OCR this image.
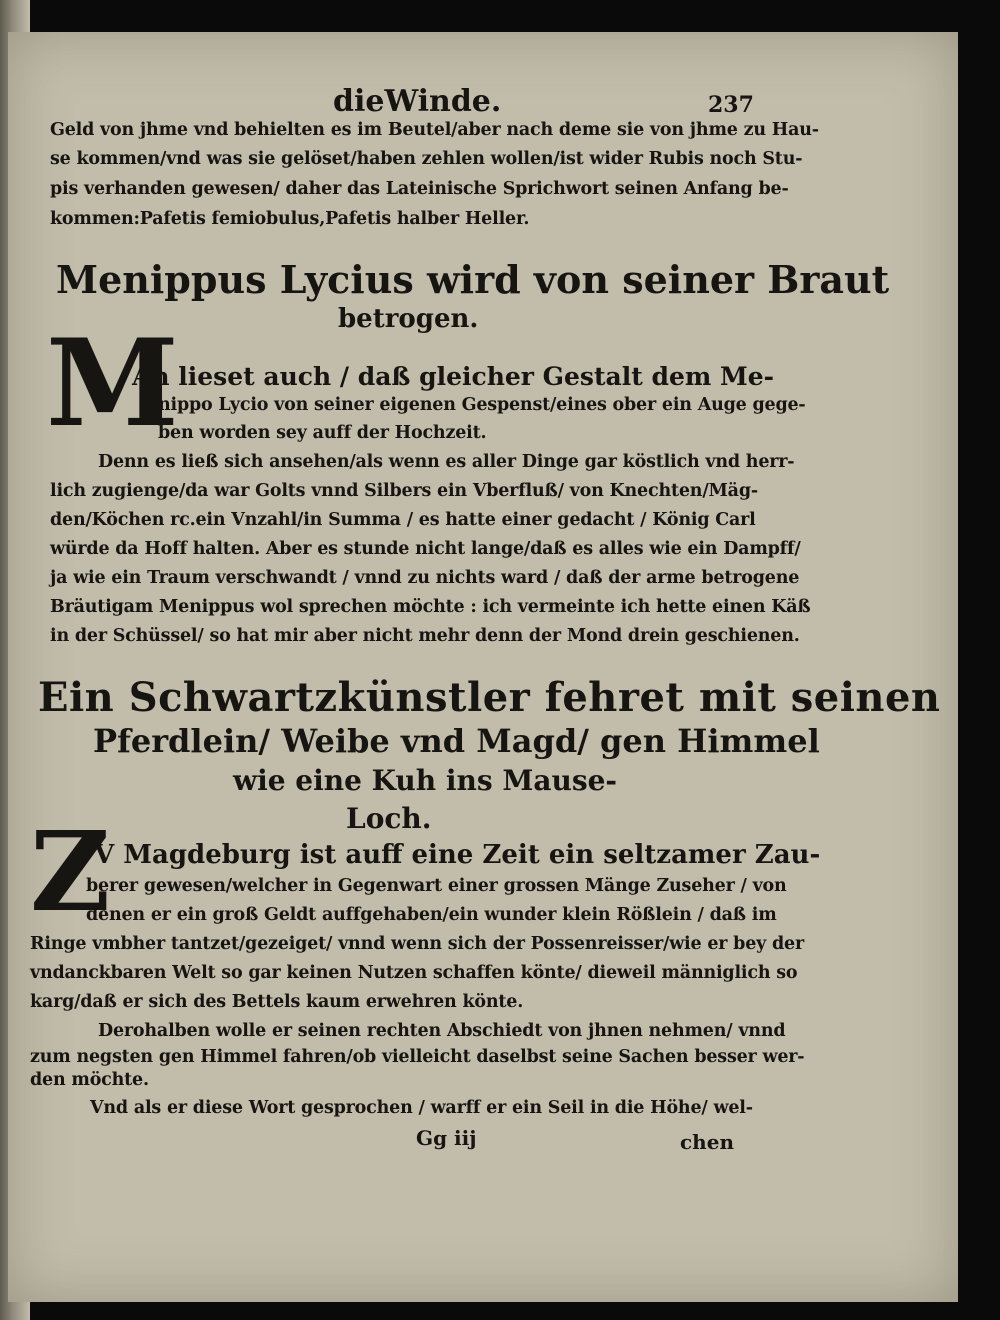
dieWinde.	237
Geld von jhme vnd behielten es im Beutel/aber nach deme sie von jhme zu Hau-
se kommen/vnd was sie gelöset/haben zehlen wollen/ist wider Rubis noch Stu-
pis verhanden gewesen/ daher das Lateinische Sprichwort seinen Anfang be-
kommen:Pafetis femiobulus,Pafetis halber Heller.
Menippus Lycius wird von seiner Braut
betrogen.
M
An lieset auch / daß gleicher Gestalt dem Me-
nippo Lycio von seiner eigenen Gespenst/eines ober ein Auge gege-
ben worden sey auff der Hochzeit.
Denn es ließ sich ansehen/als wenn es aller Dinge gar köstlich vnd herr-
lich zugienge/da war Golts vnnd Silbers ein Vberfluß/ von Knechten/Mäg-
den/Köchen rc.ein Vnzahl/in Summa / es hatte einer gedacht / König Carl
würde da Hoff halten. Aber es stunde nicht lange/daß es alles wie ein Dampff/
ja wie ein Traum verschwandt / vnnd zu nichts ward / daß der arme betrogene
Bräutigam Menippus wol sprechen möchte : ich vermeinte ich hette einen Käß
in der Schüssel/ so hat mir aber nicht mehr denn der Mond drein geschienen.
Ein Schwartzkünstler fehret mit seinen
Pferdlein/ Weibe vnd Magd/ gen Himmel
wie eine Kuh ins Mause-
Loch.
Z
V Magdeburg ist auff eine Zeit ein seltzamer Zau-
berer gewesen/welcher in Gegenwart einer grossen Mänge Zuseher / von
denen er ein groß Geldt auffgehaben/ein wunder klein Rößlein / daß im
Ringe vmbher tantzet/gezeiget/ vnnd wenn sich der Possenreisser/wie er bey der
vndanckbaren Welt so gar keinen Nutzen schaffen könte/ dieweil männiglich so
karg/daß er sich des Bettels kaum erwehren könte.
Derohalben wolle er seinen rechten Abschiedt von jhnen nehmen/ vnnd
zum negsten gen Himmel fahren/ob vielleicht daselbst seine Sachen besser wer-
den möchte.
Vnd als er diese Wort gesprochen / warff er ein Seil in die Höhe/ wel-
Gg iij	chen
